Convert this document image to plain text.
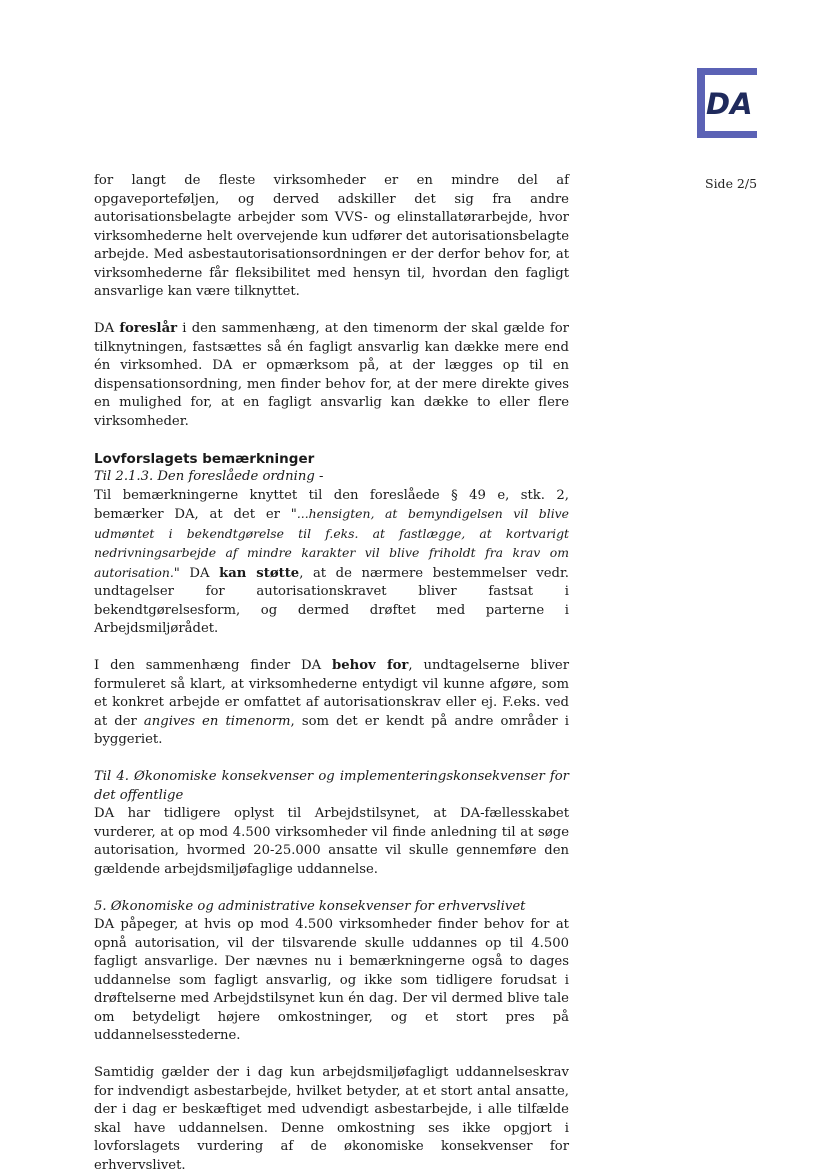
DA
Side 2/5

for langt de fleste virksomheder er en mindre del af opgaveporteføljen, og derved adskiller det sig fra andre autorisationsbelagte arbejder som VVS- og elinstallatørarbejde, hvor virksomhederne helt overvejende kun udfører det autorisationsbelagte arbejde. Med asbestautorisationsordningen er der derfor behov for, at virksomhederne får fleksibilitet med hensyn til, hvordan den fagligt ansvarlige kan være tilknyttet.

DA foreslår i den sammenhæng, at den timenorm der skal gælde for tilknytningen, fastsættes så én fagligt ansvarlig kan dække mere end én virksomhed. DA er opmærksom på, at der lægges op til en dispensationsordning, men finder behov for, at der mere direkte gives en mulighed for, at en fagligt ansvarlig kan dække to eller flere virksomheder.

Lovforslagets bemærkninger

Til 2.1.3. Den foreslåede ordning -

Til bemærkningerne knyttet til den foreslåede § 49 e, stk. 2, bemærker DA, at det er "...hensigten, at bemyndigelsen vil blive udmøntet i bekendtgørelse til f.eks. at fastlægge, at kortvarigt nedrivningsarbejde af mindre karakter vil blive friholdt fra krav om autorisation." DA kan støtte, at de nærmere bestemmelser vedr. undtagelser for autorisationskravet bliver fastsat i bekendtgørelsesform, og dermed drøftet med parterne i Arbejdsmiljørådet.

I den sammenhæng finder DA behov for, undtagelserne bliver formuleret så klart, at virksomhederne entydigt vil kunne afgøre, som et konkret arbejde er omfattet af autorisationskrav eller ej. F.eks. ved at der angives en timenorm, som det er kendt på andre områder i byggeriet.

Til 4. Økonomiske konsekvenser og implementeringskonsekvenser for det offentlige

DA har tidligere oplyst til Arbejdstilsynet, at DA-fællesskabet vurderer, at op mod 4.500 virksomheder vil finde anledning til at søge autorisation, hvormed 20-25.000 ansatte vil skulle gennemføre den gældende arbejdsmiljøfaglige uddannelse.

5. Økonomiske og administrative konsekvenser for erhvervslivet

DA påpeger, at hvis op mod 4.500 virksomheder finder behov for at opnå autorisation, vil der tilsvarende skulle uddannes op til 4.500 fagligt ansvarlige. Der nævnes nu i bemærkningerne også to dages uddannelse som fagligt ansvarlig, og ikke som tidligere forudsat i drøftelserne med Arbejdstilsynet kun én dag. Der vil dermed blive tale om betydeligt højere omkostninger, og et stort pres på uddannelsesstederne.

Samtidig gælder der i dag kun arbejdsmiljøfagligt uddannelseskrav for indvendigt asbestarbejde, hvilket betyder, at et stort antal ansatte, der i dag er beskæftiget med udvendigt asbestarbejde, i alle tilfælde skal have uddannelsen. Denne omkostning ses ikke opgjort i lovforslagets vurdering af de økonomiske konsekvenser for erhvervslivet.
